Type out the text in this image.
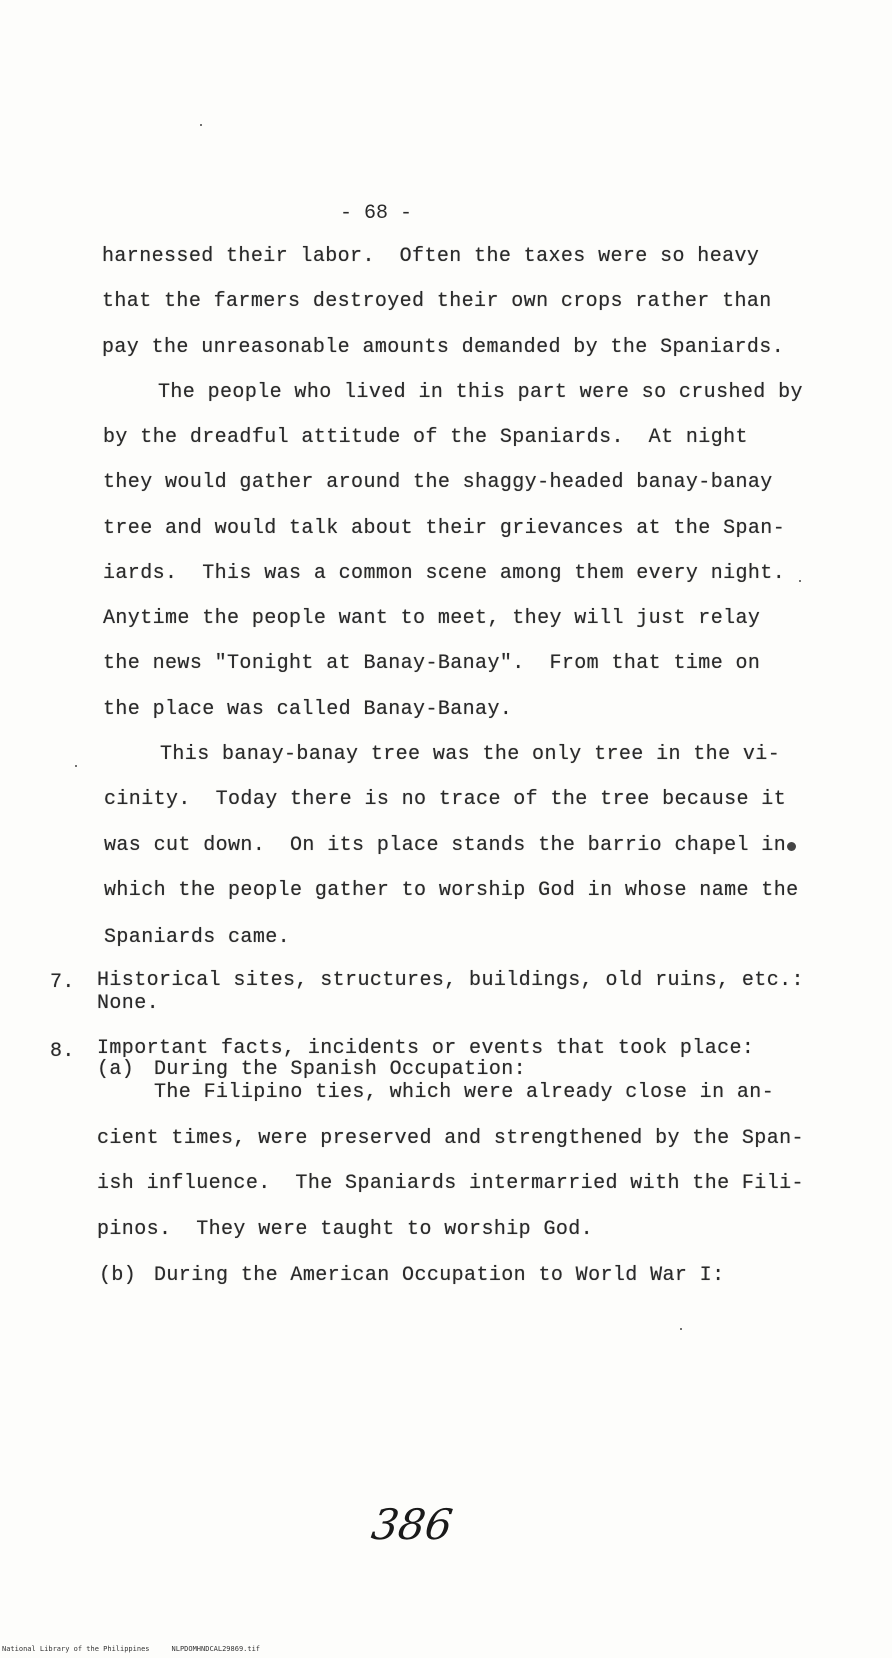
- 68 -
harnessed their labor.  Often the taxes were so heavy
that the farmers destroyed their own crops rather than
pay the unreasonable amounts demanded by the Spaniards.
The people who lived in this part were so crushed by
by the dreadful attitude of the Spaniards.  At night
they would gather around the shaggy-headed banay-banay
tree and would talk about their grievances at the Span-
iards.  This was a common scene among them every night.
Anytime the people want to meet, they will just relay
the news "Tonight at Banay-Banay".  From that time on
the place was called Banay-Banay.
This banay-banay tree was the only tree in the vi-
cinity.  Today there is no trace of the tree because it
was cut down.  On its place stands the barrio chapel in
which the people gather to worship God in whose name the
Spaniards came.
7. Historical sites, structures, buildings, old ruins, etc.:
None.
8. Important facts, incidents or events that took place:
(a) During the Spanish Occupation:
The Filipino ties, which were already close in an-
cient times, were preserved and strengthened by the Span-
ish influence.  The Spaniards intermarried with the Fili-
pinos.  They were taught to worship God.
(b) During the American Occupation to World War I:
386
National Library of the Philippines	NLPDOMHNDCAL29869.tif
